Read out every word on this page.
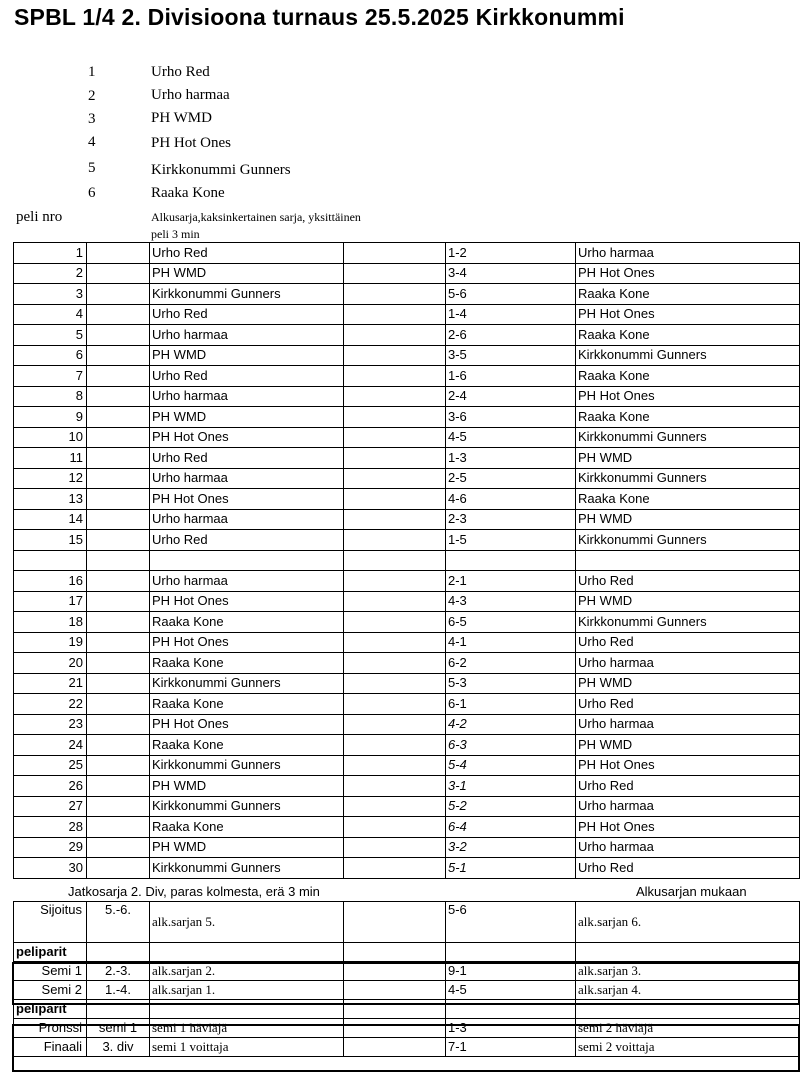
SPBL 1/4 2. Divisioona turnaus 25.5.2025 Kirkkonummi
1	Urho Red
2	Urho harmaa
3	PH WMD
4	PH Hot Ones
5	Kirkkonummi Gunners
6	Raaka Kone
peli nro	Alkusarja,kaksinkertainen sarja, yksittäinen peli 3 min
1		Urho Red		1-2	Urho harmaa
2		PH WMD		3-4	PH Hot Ones
3		Kirkkonummi Gunners		5-6	Raaka Kone
4		Urho Red		1-4	PH Hot Ones
5		Urho harmaa		2-6	Raaka Kone
6		PH WMD		3-5	Kirkkonummi Gunners
7		Urho Red		1-6	Raaka Kone
8		Urho harmaa		2-4	PH Hot Ones
9		PH WMD		3-6	Raaka Kone
10		PH Hot Ones		4-5	Kirkkonummi Gunners
11		Urho Red		1-3	PH WMD
12		Urho harmaa		2-5	Kirkkonummi Gunners
13		PH Hot Ones		4-6	Raaka Kone
14		Urho harmaa		2-3	PH WMD
15		Urho Red		1-5	Kirkkonummi Gunners

16		Urho harmaa		2-1	Urho Red
17		PH Hot Ones		4-3	PH WMD
18		Raaka Kone		6-5	Kirkkonummi Gunners
19		PH Hot Ones		4-1	Urho Red
20		Raaka Kone		6-2	Urho harmaa
21		Kirkkonummi Gunners		5-3	PH WMD
22		Raaka Kone		6-1	Urho Red
23		PH Hot Ones		4-2	Urho harmaa
24		Raaka Kone		6-3	PH WMD
25		Kirkkonummi Gunners		5-4	PH Hot Ones
26		PH WMD		3-1	Urho Red
27		Kirkkonummi Gunners		5-2	Urho harmaa
28		Raaka Kone		6-4	PH Hot Ones
29		PH WMD		3-2	Urho harmaa
30		Kirkkonummi Gunners		5-1	Urho Red
Jatkosarja 2. Div, paras kolmesta, erä 3 min	Alkusarjan mukaan
Sijoitus	5.-6.	alk.sarjan 5.		5-6	alk.sarjan 6.
peliparit					
Semi 1	2.-3.	alk.sarjan 2.		9-1	alk.sarjan 3.
Semi 2	1.-4.	alk.sarjan 1.		4-5	alk.sarjan 4.
peliparit					
Pronssi	semi 1	semi 1 häviäjä		1-3	semi 2 häviäjä
Finaali	3. div	semi 1 voittaja		7-1	semi 2 voittaja
